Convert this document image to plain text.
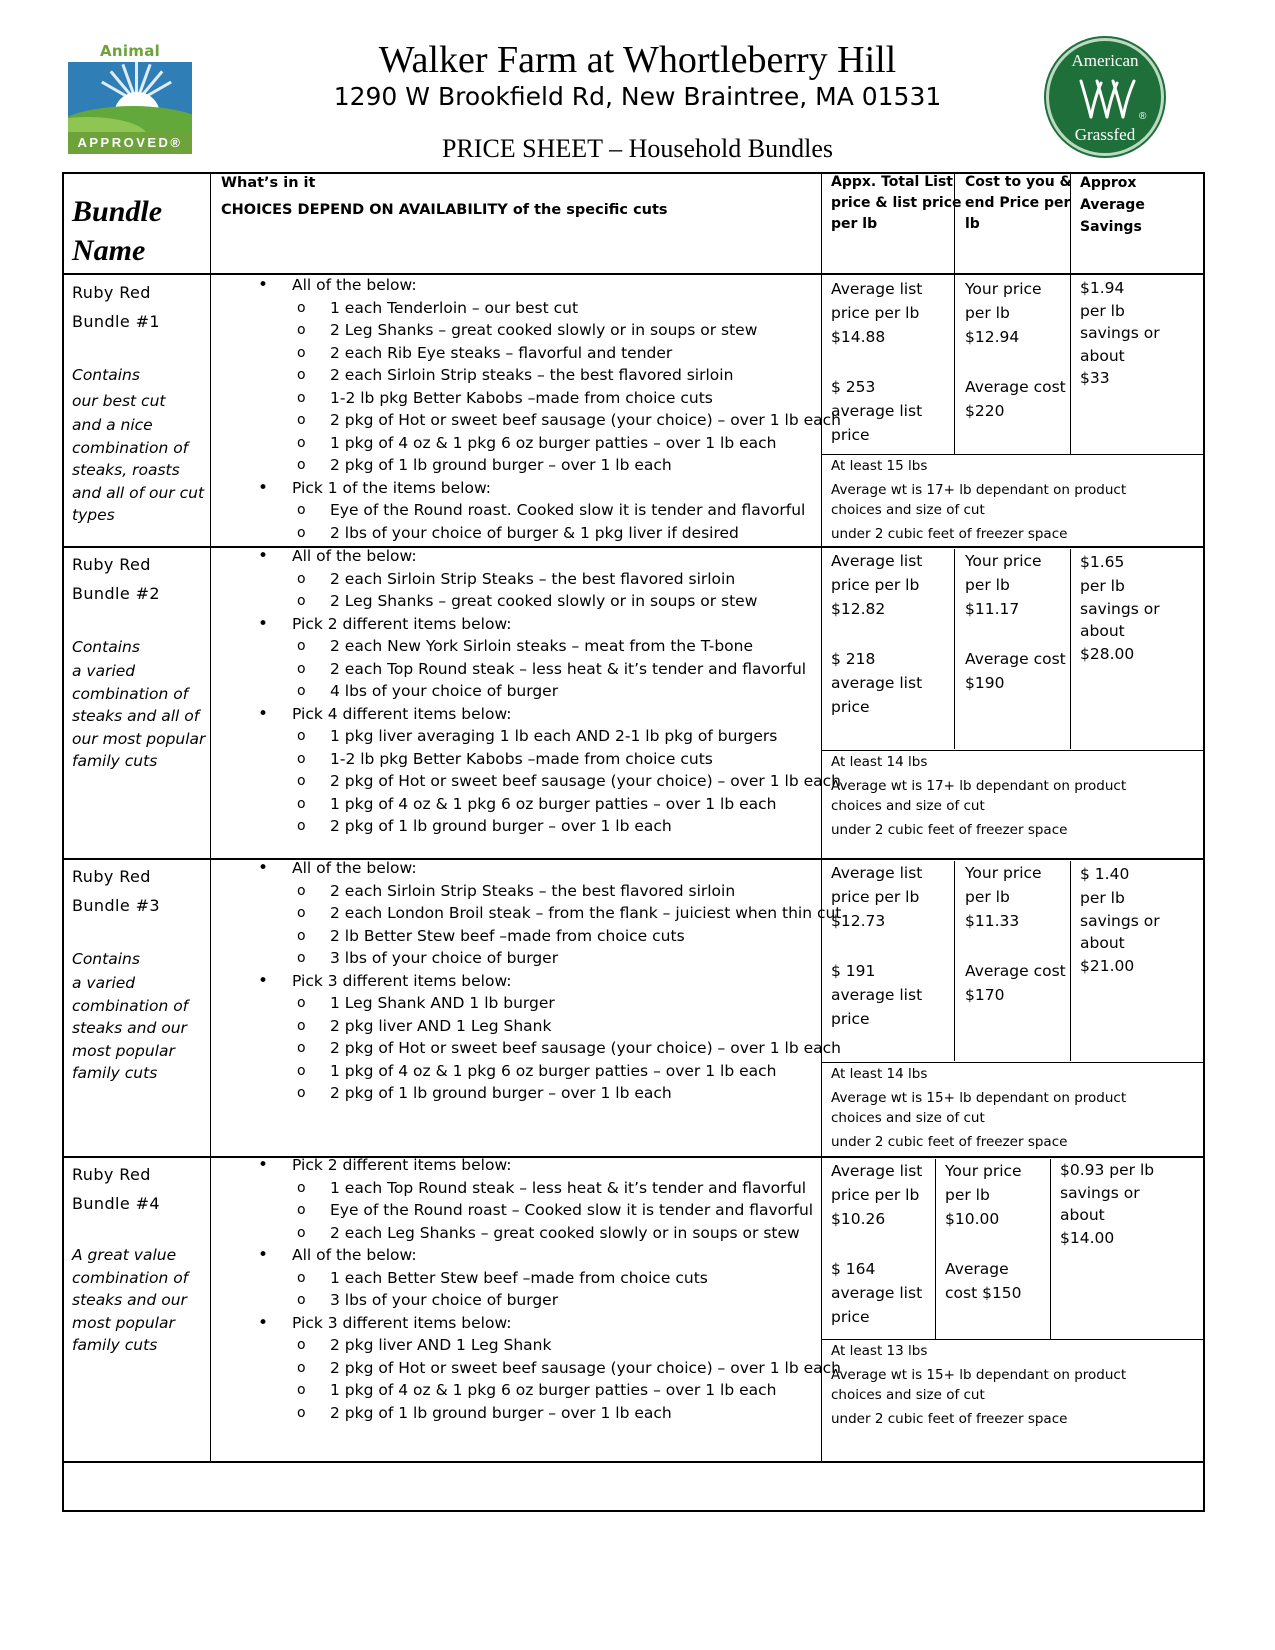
Animal
APPROVED®
Walker Farm at Whortleberry Hill
1290 W Brookfield Rd, New Braintree, MA 01531
PRICE SHEET – Household Bundles
American
®
Grassfed
Bundle
Name
What’s in it
CHOICES DEPEND ON AVAILABILITY of the specific cuts
Appx. Total List
price & list price
per lb
Cost to you &
end Price per
lb
Approx
Average
Savings
Ruby Red
Bundle #1
Contains
our best cut
and a nice
combination of
steaks, roasts
and all of our cut
types
• All of the below:
o 1 each Tenderloin – our best cut
o 2 Leg Shanks – great cooked slowly or in soups or stew
o 2 each Rib Eye steaks – flavorful and tender
o 2 each Sirloin Strip steaks – the best flavored sirloin
o 1-2 lb pkg Better Kabobs –made from choice cuts
o 2 pkg of Hot or sweet beef sausage (your choice) – over 1 lb each
o 1 pkg of 4 oz & 1 pkg 6 oz burger patties – over 1 lb each
o 2 pkg of 1 lb ground burger – over 1 lb each
• Pick 1 of the items below:
o Eye of the Round roast. Cooked slow it is tender and flavorful
o 2 lbs of your choice of burger & 1 pkg liver if desired
Average list
price per lb
$14.88
$ 253
average list
price
Your price
per lb
$12.94
Average cost
$220
$1.94
per lb
savings or
about
$33
At least 15 lbs
Average wt is 17+ lb dependant on product
choices and size of cut
under 2 cubic feet of freezer space
Ruby Red
Bundle #2
Contains
a varied
combination of
steaks and all of
our most popular
family cuts
• All of the below:
o 2 each Sirloin Strip Steaks – the best flavored sirloin
o 2 Leg Shanks – great cooked slowly or in soups or stew
• Pick 2 different items below:
o 2 each New York Sirloin steaks – meat from the T-bone
o 2 each Top Round steak – less heat & it’s tender and flavorful
o 4 lbs of your choice of burger
• Pick 4 different items below:
o 1 pkg liver averaging 1 lb each AND 2-1 lb pkg of burgers
o 1-2 lb pkg Better Kabobs –made from choice cuts
o 2 pkg of Hot or sweet beef sausage (your choice) – over 1 lb each
o 1 pkg of 4 oz & 1 pkg 6 oz burger patties – over 1 lb each
o 2 pkg of 1 lb ground burger – over 1 lb each
Average list
price per lb
$12.82
$ 218
average list
price
Your price
per lb
$11.17
Average cost
$190
$1.65
per lb
savings or
about
$28.00
At least 14 lbs
Average wt is 17+ lb dependant on product
choices and size of cut
under 2 cubic feet of freezer space
Ruby Red
Bundle #3
Contains
a varied
combination of
steaks and our
most popular
family cuts
• All of the below:
o 2 each Sirloin Strip Steaks – the best flavored sirloin
o 2 each London Broil steak – from the flank – juiciest when thin cut
o 2 lb Better Stew beef –made from choice cuts
o 3 lbs of your choice of burger
• Pick 3 different items below:
o 1 Leg Shank AND 1 lb burger
o 2 pkg liver AND 1 Leg Shank
o 2 pkg of Hot or sweet beef sausage (your choice) – over 1 lb each
o 1 pkg of 4 oz & 1 pkg 6 oz burger patties – over 1 lb each
o 2 pkg of 1 lb ground burger – over 1 lb each
Average list
price per lb
$12.73
$ 191
average list
price
Your price
per lb
$11.33
Average cost
$170
$ 1.40
per lb
savings or
about
$21.00
At least 14 lbs
Average wt is 15+ lb dependant on product
choices and size of cut
under 2 cubic feet of freezer space
Ruby Red
Bundle #4
A great value
combination of
steaks and our
most popular
family cuts
• Pick 2 different items below:
o 1 each Top Round steak – less heat & it’s tender and flavorful
o Eye of the Round roast – Cooked slow it is tender and flavorful
o 2 each Leg Shanks – great cooked slowly or in soups or stew
• All of the below:
o 1 each Better Stew beef –made from choice cuts
o 3 lbs of your choice of burger
• Pick 3 different items below:
o 2 pkg liver AND 1 Leg Shank
o 2 pkg of Hot or sweet beef sausage (your choice) – over 1 lb each
o 1 pkg of 4 oz & 1 pkg 6 oz burger patties – over 1 lb each
o 2 pkg of 1 lb ground burger – over 1 lb each
Average list
price per lb
$10.26
$ 164
average list
price
Your price
per lb
$10.00
Average
cost $150
$0.93 per lb
savings or
about
$14.00
At least 13 lbs
Average wt is 15+ lb dependant on product
choices and size of cut
under 2 cubic feet of freezer space
